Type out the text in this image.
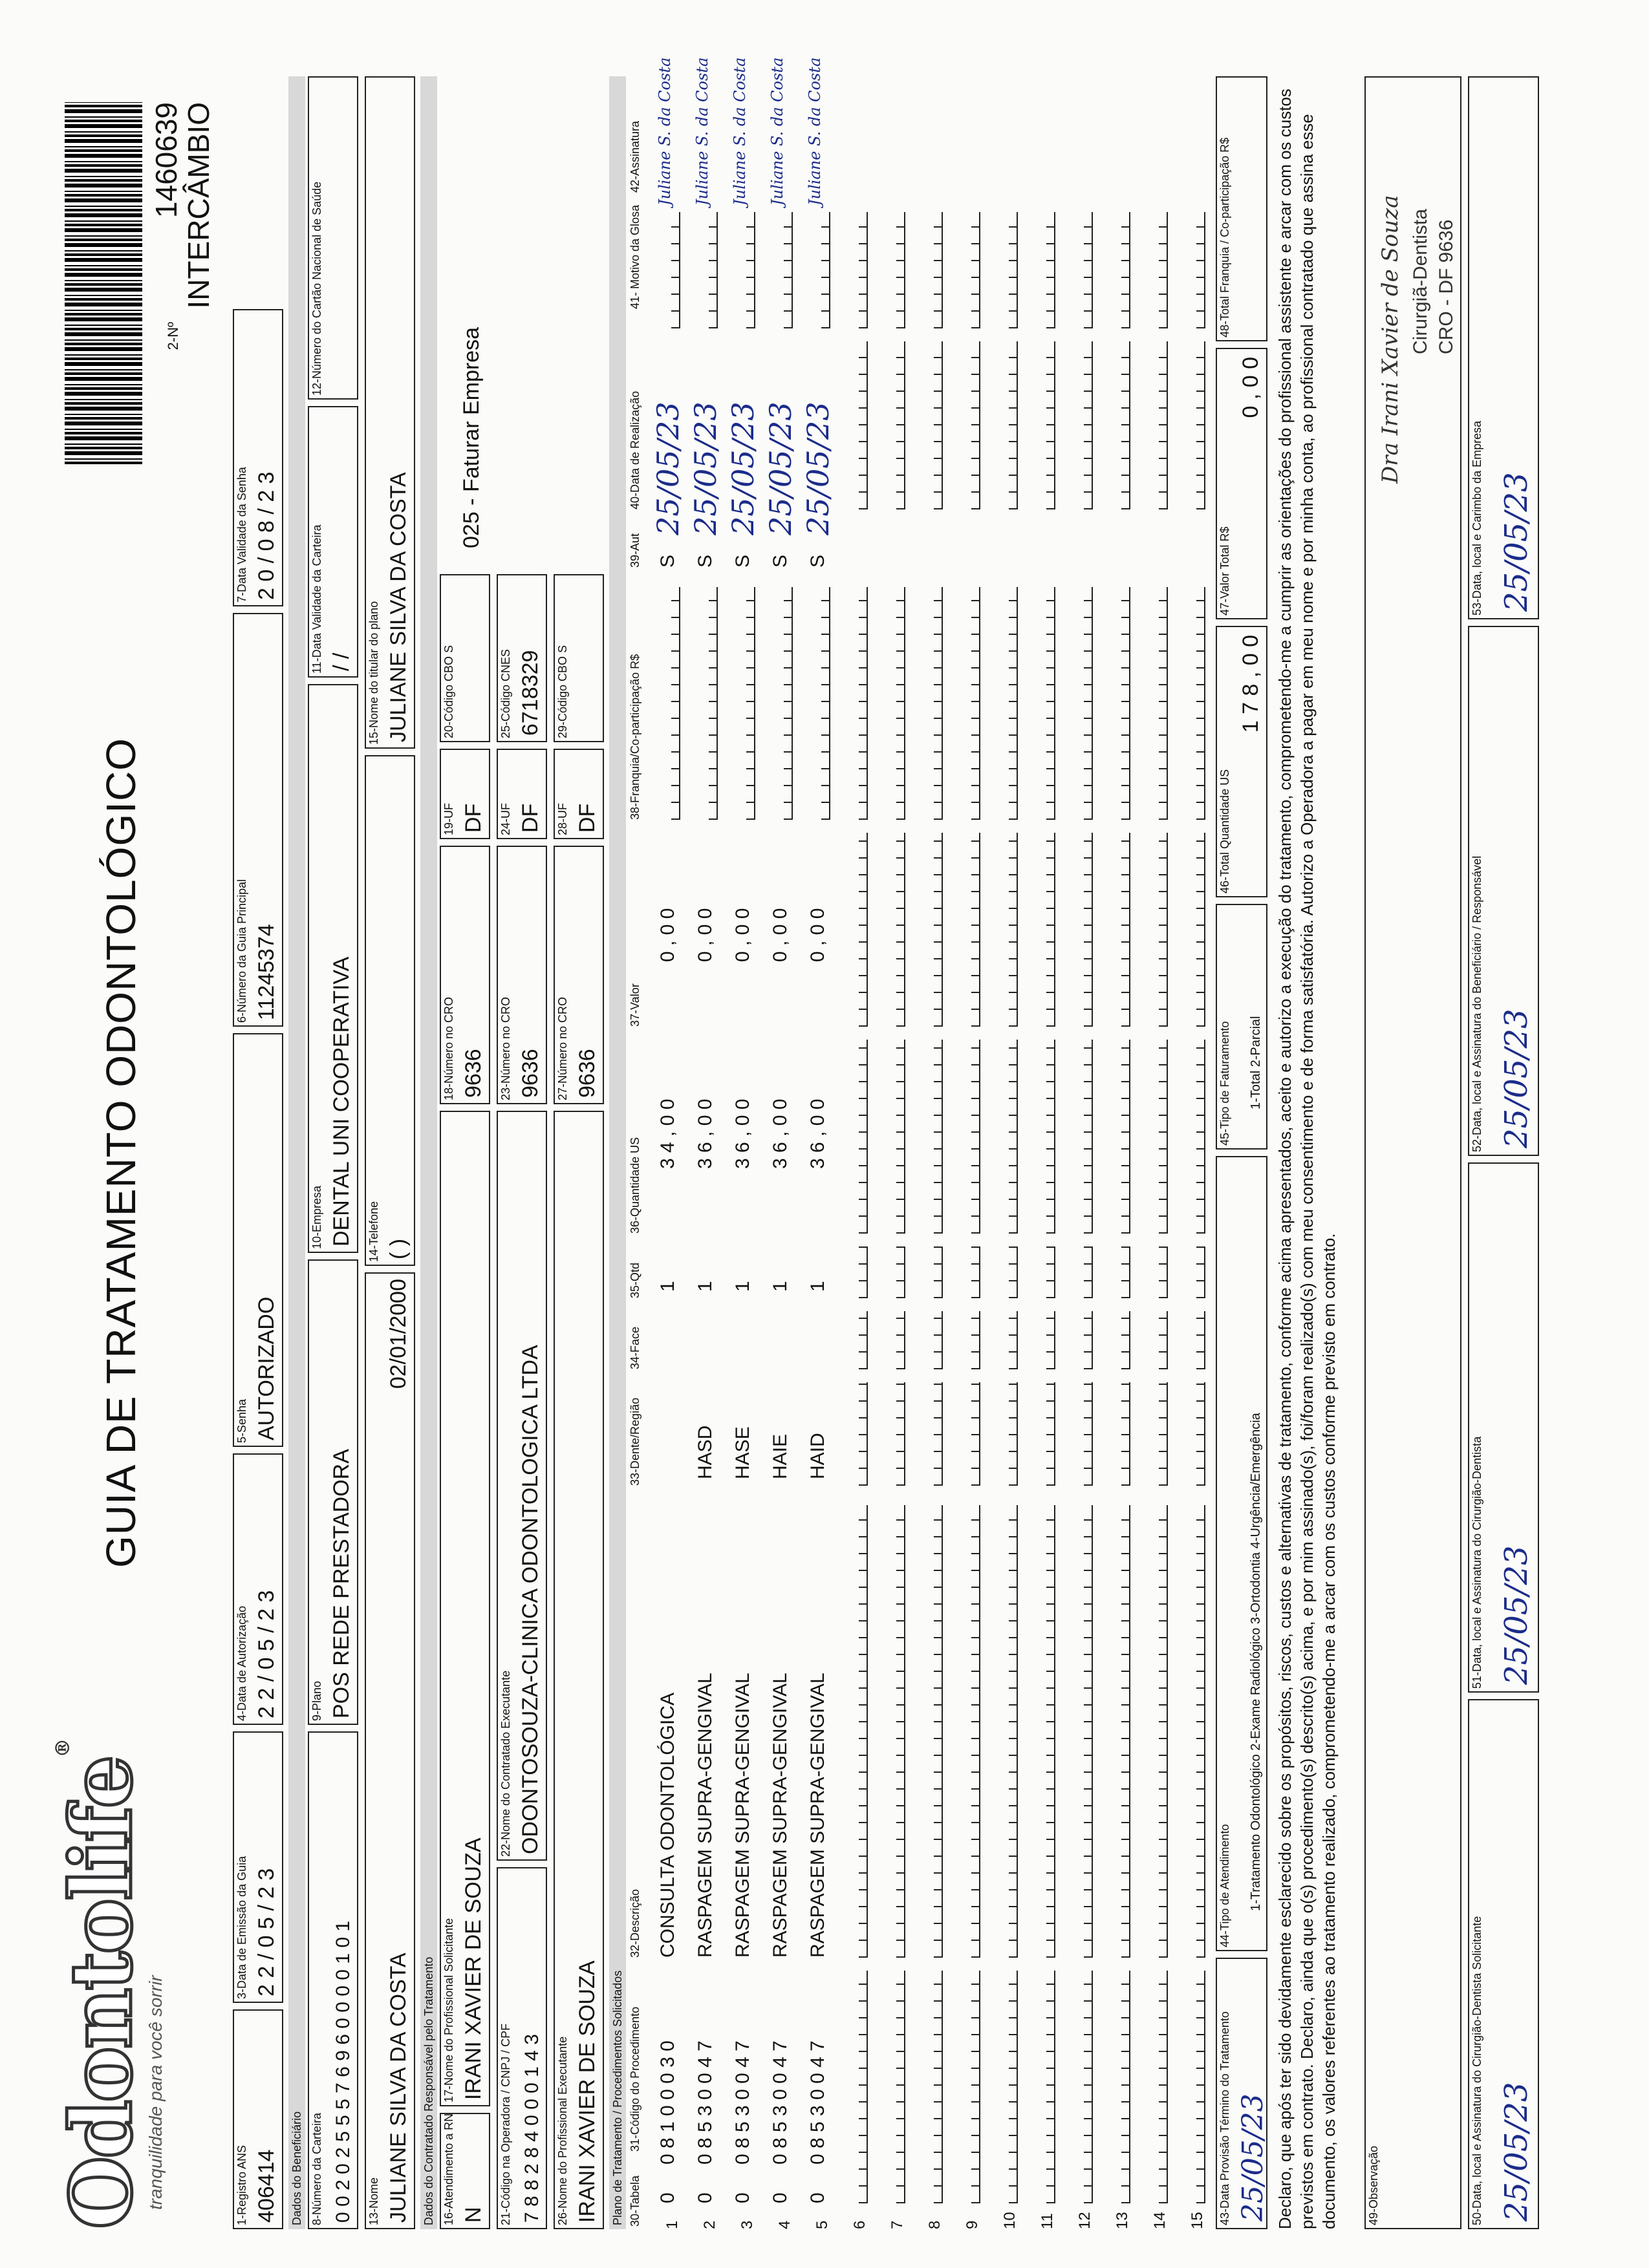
Odontolife®
tranquilidade para você sorrir
GUIA DE TRATAMENTO ODONTOLÓGICO
2-Nº
1460639
INTERCÂMBIO
1-Registro ANS 406414
3-Data de Emissão da Guia 2 2 / 0 5 / 2 3
4-Data de Autorização 2 2 / 0 5 / 2 3
5-Senha AUTORIZADO
6-Número da Guia Principal 11245374
7-Data Validade da Senha 2 0 / 0 8 / 2 3
Dados do Beneficiário 8-Número da Carteira 0 0 2 0 2 5 5 5 7 6 9 6 0 0 0 0 1 0 1
9-Plano POS REDE PRESTADORA
10-Empresa DENTAL UNI COOPERATIVA
11-Data Validade da Carteira / /
12-Número do Cartão Nacional de Saúde
13-Nome JULIANE SILVA DA COSTA
02/01/2000
14-Telefone ( )
15-Nome do titular do plano JULIANE SILVA DA COSTA
Dados do Contratado Responsável pelo Tratamento 16-Atendimento a RN N
17-Nome do Profissional Solicitante IRANI XAVIER DE SOUZA
18-Número no CRO 9636
19-UF DF
20-Código CBO S
025 - Faturar Empresa
21-Código na Operadora / CNPJ / CPF 7 8 8 2 8 4 0 0 0 1 4 3
22-Nome do Contratado Executante ODONTOSOUZA-CLINICA ODONTOLOGICA LTDA
23-Número no CRO 9636
24-UF DF
25-Código CNES 6718329
26-Nome do Profissional Executante IRANI XAVIER DE SOUZA
27-Número no CRO 9636
28-UF DF
29-Código CBO S
Plano de Tratamento / Procedimentos Solicitados 30-Tabela
31-Código do Procedimento
32-Descrição
33-Dente/Região
34-Face
35-Qtd
36-Quantidade US
37-Valor
38-Franquia/Co-participação R$
39-Aut
40-Data de Realização
41- Motivo da Glosa
42-Assinatura
1
0
0 8 1 0 0 0 3 0
CONSULTA ODONTOLÓGICA
1
3 4 , 0 0
0 , 0 0
S
25/05/23
Juliane S. da Costa
2
0
0 8 5 3 0 0 4 7
RASPAGEM SUPRA-GENGIVAL
HASD
1
3 6 , 0 0
0 , 0 0
S
25/05/23
Juliane S. da Costa
3
0
0 8 5 3 0 0 4 7
RASPAGEM SUPRA-GENGIVAL
HASE
1
3 6 , 0 0
0 , 0 0
S
25/05/23
Juliane S. da Costa
4
0
0 8 5 3 0 0 4 7
RASPAGEM SUPRA-GENGIVAL
HAIE
1
3 6 , 0 0
0 , 0 0
S
25/05/23
Juliane S. da Costa
5
0
0 8 5 3 0 0 4 7
RASPAGEM SUPRA-GENGIVAL
HAID
1
3 6 , 0 0
0 , 0 0
S
25/05/23
Juliane S. da Costa
6 7 8 9 10 11 12 13 14 15 43-Data Provisão Término do Tratamento 25/05/23
44-Tipo de Atendimento 1-Tratamento Odontológico 2-Exame Radiológico 3-Ortodontia 4-Urgência/Emergência
45-Tipo de Faturamento 1-Total 2-Parcial
46-Total Quantidade US
1 7 8 , 0 0
47-Valor Total R$
0 , 0 0
48-Total Franquia / Co-participação R$	Declaro, que após ter sido devidamente esclarecido sobre os propósitos, riscos, custos e alternativas de tratamento, conforme acima apresentados, aceito e autorizo a execução do tratamento, comprometendo-me a cumprir as orientações do profissional assistente e arcar com os custos previstos em contrato. Declaro, ainda que o(s) procedimento(s) descrito(s) acima, e por mim assinado(s), foi/foram realizado(s) com meu consentimento e de forma satisfatória. Autorizo a Operadora a pagar em meu nome e por minha conta, ao profissional contratado que assina esse documento, os valores referentes ao tratamento realizado, comprometendo-me a arcar com os custos conforme previsto em contrato. 49-Observação	50-Data, local e Assinatura do Cirurgião-Dentista Solicitante 25/05/23
51-Data, local e Assinatura do Cirurgião-Dentista 25/05/23
52-Data, local e Assinatura do Beneficiário / Responsável 25/05/23
53-Data, local e Carimbo da Empresa 25/05/23
Dra Irani Xavier de Souza Cirurgiã-Dentista CRO - DF 9636
